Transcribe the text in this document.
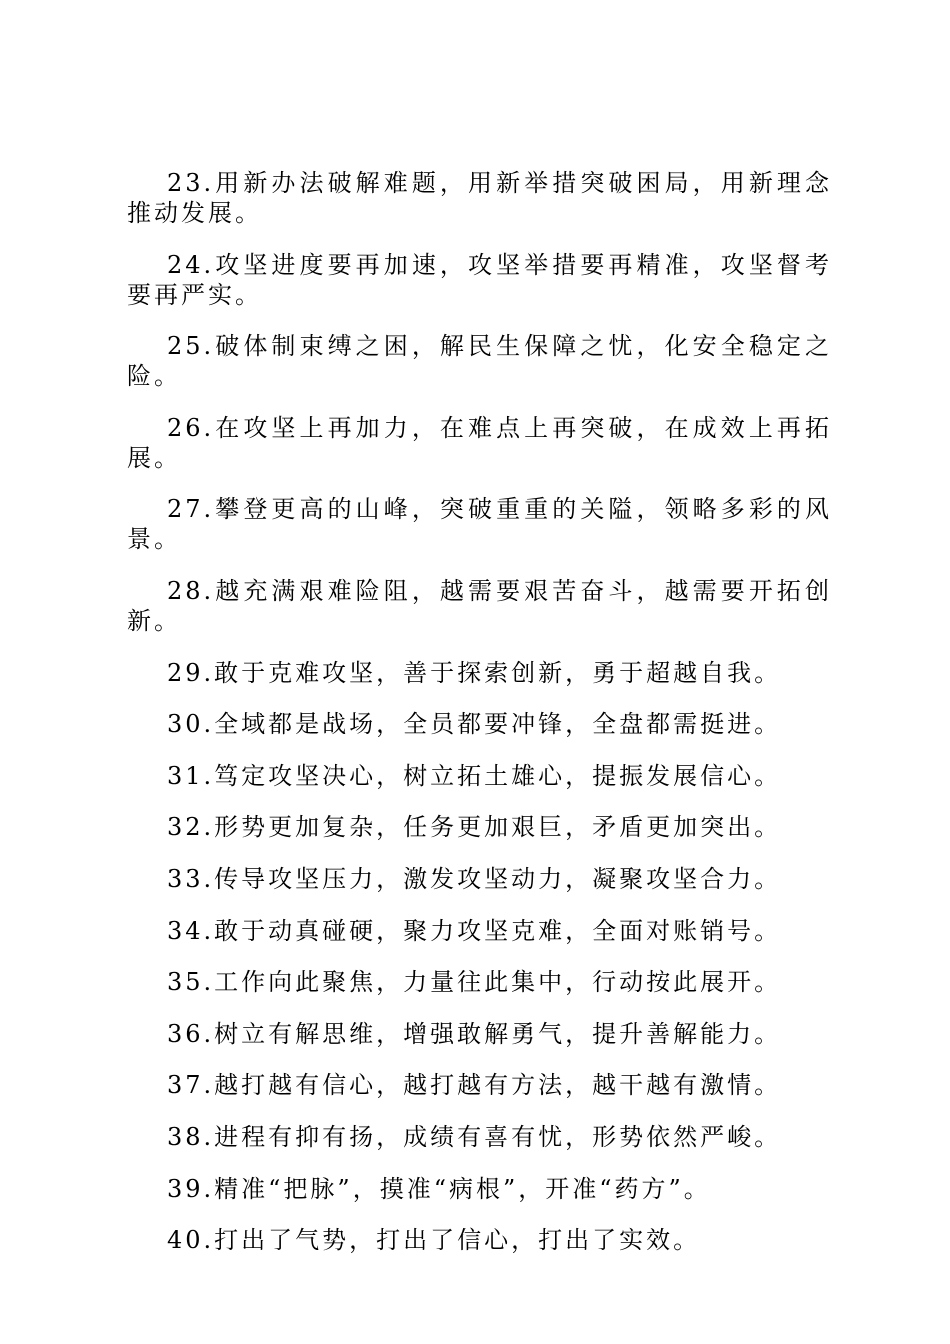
23.用新办法破解难题，用新举措突破困局，用新理念推动发展。

24.攻坚进度要再加速，攻坚举措要再精准，攻坚督考要再严实。

25.破体制束缚之困，解民生保障之忧，化安全稳定之险。

26.在攻坚上再加力，在难点上再突破，在成效上再拓展。

27.攀登更高的山峰，突破重重的关隘，领略多彩的风景。

28.越充满艰难险阻，越需要艰苦奋斗，越需要开拓创新。

29.敢于克难攻坚，善于探索创新，勇于超越自我。

30.全域都是战场，全员都要冲锋，全盘都需挺进。

31.笃定攻坚决心，树立拓土雄心，提振发展信心。

32.形势更加复杂，任务更加艰巨，矛盾更加突出。

33.传导攻坚压力，激发攻坚动力，凝聚攻坚合力。

34.敢于动真碰硬，聚力攻坚克难，全面对账销号。

35.工作向此聚焦，力量往此集中，行动按此展开。

36.树立有解思维，增强敢解勇气，提升善解能力。

37.越打越有信心，越打越有方法，越干越有激情。

38.进程有抑有扬，成绩有喜有忧，形势依然严峻。

39.精准“把脉”，摸准“病根”，开准“药方”。

40.打出了气势，打出了信心，打出了实效。
